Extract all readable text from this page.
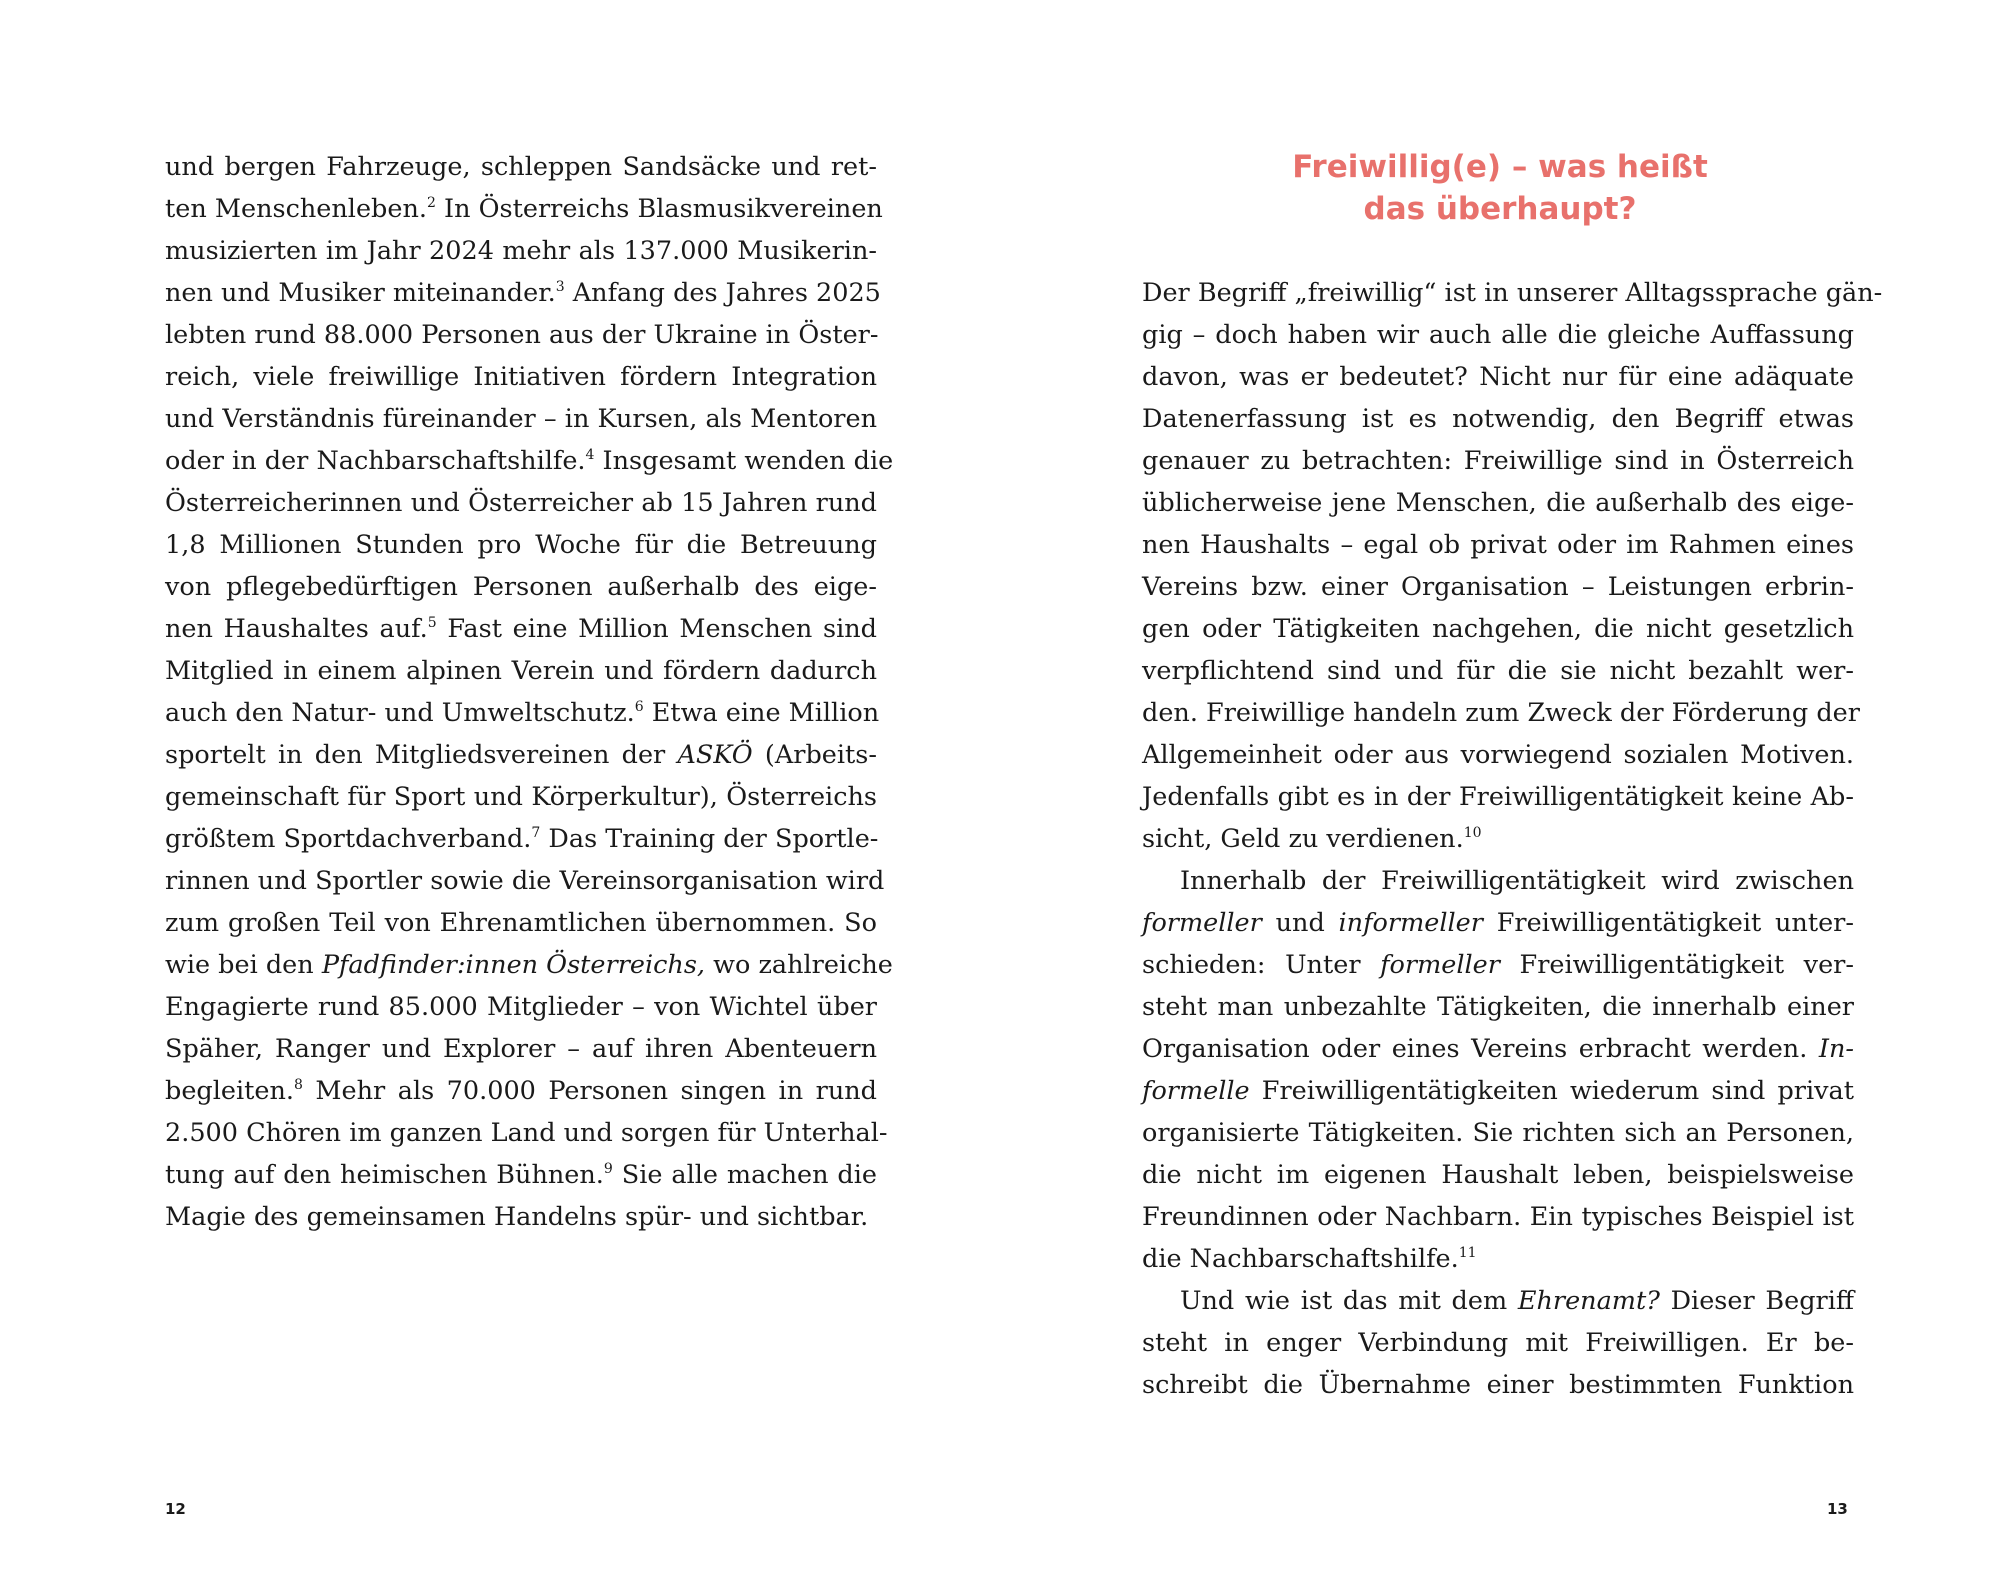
und bergen Fahrzeuge, schleppen Sandsäcke und ret-
ten Menschenleben.$^2$ In Österreichs Blasmusikvereinen
musizierten im Jahr 2024 mehr als 137.000 Musikerin-
nen und Musiker miteinander.$^3$ Anfang des Jahres 2025
lebten rund 88.000 Personen aus der Ukraine in Öster-
reich, viele freiwillige Initiativen fördern Integration
und Verständnis füreinander – in Kursen, als Mentoren
oder in der Nachbarschaftshilfe.$^4$ Insgesamt wenden die
Österreicherinnen und Österreicher ab 15 Jahren rund
1,8 Millionen Stunden pro Woche für die Betreuung
von pflegebedürftigen Personen außerhalb des eige-
nen Haushaltes auf.$^5$ Fast eine Million Menschen sind
Mitglied in einem alpinen Verein und fördern dadurch
auch den Natur- und Umweltschutz.$^6$ Etwa eine Million
sportelt in den Mitgliedsvereinen der ASKÖ (Arbeits-
gemeinschaft für Sport und Körperkultur), Österreichs
größtem Sportdachverband.$^7$ Das Training der Sportle-
rinnen und Sportler sowie die Vereinsorganisation wird
zum großen Teil von Ehrenamtlichen übernommen. So
wie bei den Pfadfinder:innen Österreichs, wo zahlreiche
Engagierte rund 85.000 Mitglieder – von Wichtel über
Späher, Ranger und Explorer – auf ihren Abenteuern
begleiten.$^8$ Mehr als 70.000 Personen singen in rund
2.500 Chören im ganzen Land und sorgen für Unterhal-
tung auf den heimischen Bühnen.$^9$ Sie alle machen die
Magie des gemeinsamen Handelns spür- und sichtbar.
12
Der Begriff „freiwillig“ ist in unserer Alltagssprache gän-
gig – doch haben wir auch alle die gleiche Auffassung
davon, was er bedeutet? Nicht nur für eine adäquate
Datenerfassung ist es notwendig, den Begriff etwas
genauer zu betrachten: Freiwillige sind in Österreich
üblicherweise jene Menschen, die außerhalb des eige-
nen Haushalts – egal ob privat oder im Rahmen eines
Vereins bzw. einer Organisation – Leistungen erbrin-
gen oder Tätigkeiten nachgehen, die nicht gesetzlich
verpflichtend sind und für die sie nicht bezahlt wer-
den. Freiwillige handeln zum Zweck der Förderung der
Allgemeinheit oder aus vorwiegend sozialen Motiven.
Jedenfalls gibt es in der Freiwilligentätigkeit keine Ab-
sicht, Geld zu verdienen.$^{10}$
Innerhalb der Freiwilligentätigkeit wird zwischen
formeller und informeller Freiwilligentätigkeit unter-
schieden: Unter formeller Freiwilligentätigkeit ver-
steht man unbezahlte Tätigkeiten, die innerhalb einer
Organisation oder eines Vereins erbracht werden. In-
formelle Freiwilligentätigkeiten wiederum sind privat
organisierte Tätigkeiten. Sie richten sich an Personen,
die nicht im eigenen Haushalt leben, beispielsweise
Freundinnen oder Nachbarn. Ein typisches Beispiel ist
die Nachbarschaftshilfe.$^{11}$
Und wie ist das mit dem Ehrenamt? Dieser Begriff
steht in enger Verbindung mit Freiwilligen. Er be-
schreibt die Übernahme einer bestimmten Funktion
13
Freiwillig(e) – was heißt
das überhaupt?
